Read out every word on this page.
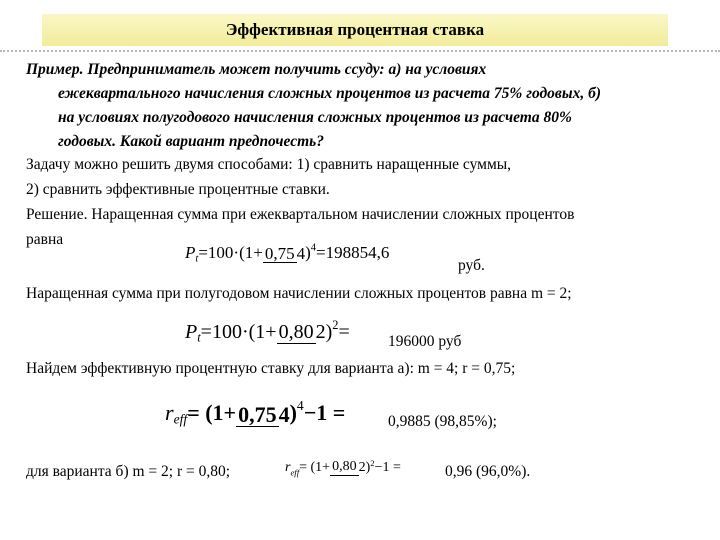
Эффективная процентная ставка
Пример. Предприниматель может получить ссуду: а) на условиях
ежеквартального начисления сложных процентов из расчета 75% годовых, б)
на условиях полугодового начисления сложных процентов из расчета 80%
годовых. Какой вариант предпочесть?
Задачу можно решить двумя способами: 1) сравнить наращенные суммы,
2) сравнить эффективные процентные ставки.
Решение. Наращенная сумма при ежеквартальном начислении сложных процентов
равна
$P_t=100\cdot(1+ 0,75$ 4)$^4$=198854,6
руб.
Наращенная сумма при полугодовом начислении сложных процентов равна m = 2;
$P_t=100\cdot(1+ 0,80$ 2)$^2$= 196000 руб
Найдем эффективную процентную ставку для варианта а): m = 4; r = 0,75;
$r_{eff}= (1+0,754)^4-1$ =	0,9885 (98,85%);
для варианта б) m = 2; r = 0,80;	$r_{eff}= (1+ 0,80$ 2)$^2$−1 =	0,96 (96,0%).
